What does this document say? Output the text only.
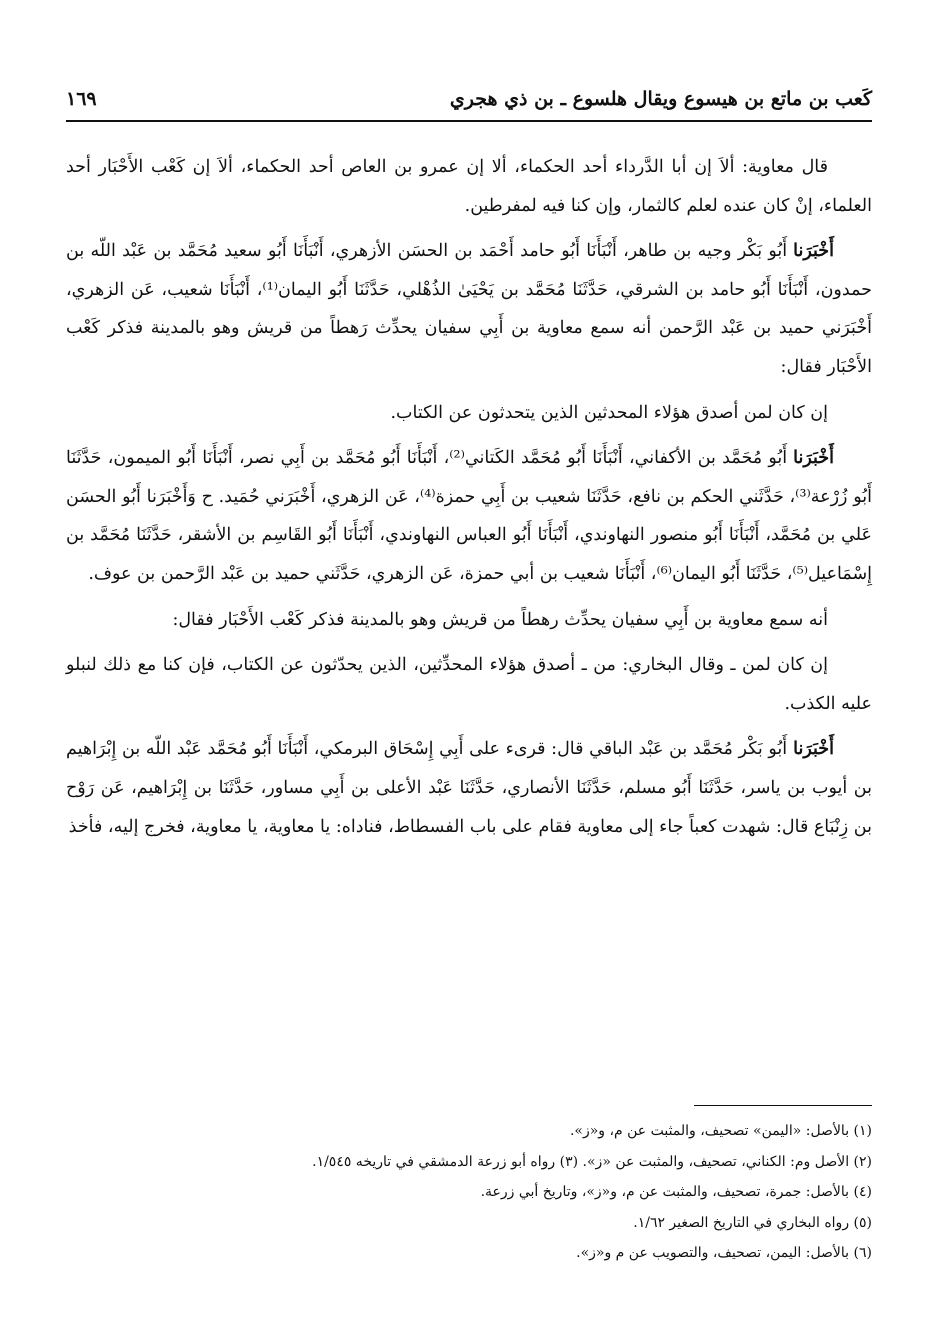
كَعب بن ماتع بن هيسوع ويقال هلسوع ـ بن ذي هجري
١٦٩

قال معاوية: ألاَ إن أبا الدَّرداء أحد الحكماء، ألا إن عمرو بن العاص أحد الحكماء، ألاَ إن كَعْب الأَحْبَار أحد العلماء، إنْ كان عنده لعلم كالثمار، وإن كنا فيه لمفرطين.

أَخْبَرَناأَبُو بَكْر وجيه بن طاهر، أَنْبَأَنَا أَبُو حامد أَحْمَد بن الحسَن الأزهري، أَنْبَأَنَا أَبُو سعيد مُحَمَّد بن عَبْد اللّه بن حمدون، أَنْبَأَنَا أَبُو حامد بن الشرقي، حَدَّثَنَا مُحَمَّد بن يَحْيَىٰ الذُهْلي، حَدَّثَنَا أَبُو اليمان⁽¹⁾، أَنْبَأَنَا شعيب، عَن الزهري، أَخْبَرَني حميد بن عَبْد الرَّحمن أنه سمع معاوية بن أَبِي سفيان يحدِّث رَهطاً من قريش وهو بالمدينة فذكر كَعْب الأَحْبَار فقال:

إن كان لمن أصدق هؤلاء المحدثين الذين يتحدثون عن الكتاب.

أَخْبَرَناأَبُو مُحَمَّد بن الأكفاني، أَنْبَأَنَا أَبُو مُحَمَّد الكَتاني⁽²⁾، أَنْبَأَنَا أَبُو مُحَمَّد بن أَبِي نصر، أَنْبَأَنَا أَبُو الميمون، حَدَّثَنَا أَبُو زُرْعة⁽³⁾، حَدَّثَني الحكم بن نافع، حَدَّثَنَا شعيب بن أَبِي حمزة⁽⁴⁾، عَن الزهري، أَخْبَرَني حُمَيد. ح وَأَخْبَرَنا أَبُو الحسَن عَلي بن مُحَمَّد، أَنْبَأَنَا أَبُو منصور النهاوندي، أَنْبَأَنَا أَبُو العباس النهاوندي، أَنْبَأَنَا أَبُو القَاسِم بن الأشقر، حَدَّثَنَا مُحَمَّد بن إِسْمَاعيل⁽⁵⁾، حَدَّثَنَا أَبُو اليمان⁽⁶⁾، أَنْبَأَنَا شعيب بن أبي حمزة، عَن الزهري، حَدَّثَني حميد بن عَبْد الرَّحمن بن عوف.

أنه سمع معاوية بن أَبِي سفيان يحدِّث رهطاً من قريش وهو بالمدينة فذكر كَعْب الأَحْبَار فقال:

إن كان لمن ـ وقال البخاري: من ـ أصدق هؤلاء المحدِّثين، الذين يحدّثون عن الكتاب، فإن كنا مع ذلك لنبلو عليه الكذب.

أَخْبَرَناأَبُو بَكْر مُحَمَّد بن عَبْد الباقي قال: قرىء على أَبِي إِسْحَاق البرمكي، أَنْبَأَنَا أَبُو مُحَمَّد عَبْد اللّه بن إِبْرَاهيم بن أيوب بن ياسر، حَدَّثَنَا أَبُو مسلم، حَدَّثَنَا الأنصاري، حَدَّثَنَا عَبْد الأعلى بن أَبِي مساور، حَدَّثَنَا بن إِبْرَاهيم، عَن رَوْح بن زِنْبَاع قال: شهدت كعباً جاء إلى معاوية فقام على باب الفسطاط، فناداه: يا معاوية، يا معاوية، فخرج إليه، فأخذ

(١) بالأصل: «اليمن» تصحيف، والمثبت عن م، و«ز».
(٢) الأصل وم: الكناني، تصحيف، والمثبت عن «ز». (٣) رواه أبو زرعة الدمشقي في تاريخه ١/٥٤٥.
(٤) بالأصل: جمرة، تصحيف، والمثبت عن م، و«ز»، وتاريخ أبي زرعة.
(٥) رواه البخاري في التاريخ الصغير ١/٦٢.
(٦) بالأصل: اليمن، تصحيف، والتصويب عن م و«ز».
